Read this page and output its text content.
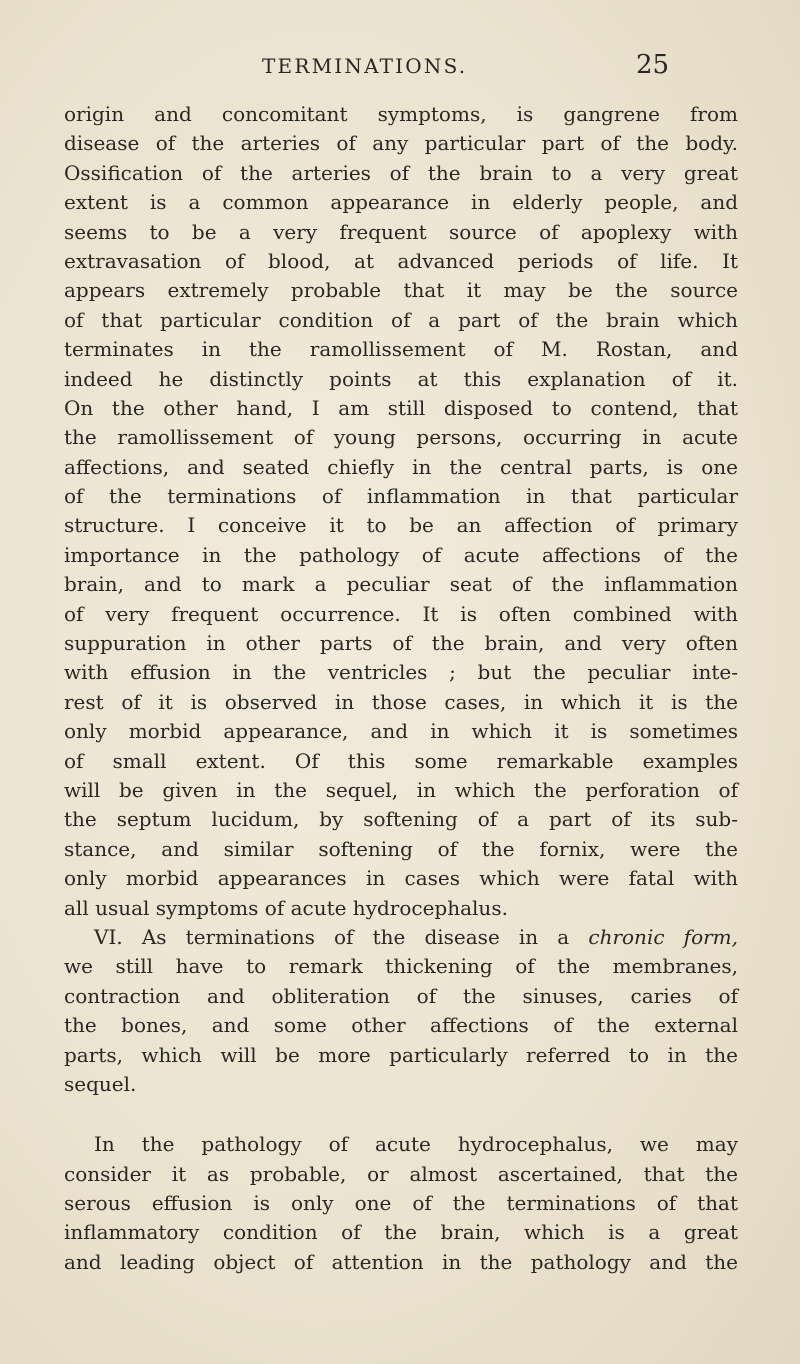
TERMINATIONS.	25

origin and concomitant symptoms, is gangrene from
disease of the arteries of any particular part of the body.
Ossification of the arteries of the brain to a very great
extent is a common appearance in elderly people, and
seems to be a very frequent source of apoplexy with
extravasation of blood, at advanced periods of life. It
appears extremely probable that it may be the source
of that particular condition of a part of the brain which
terminates in the ramollissement of M. Rostan, and
indeed he distinctly points at this explanation of it.
On the other hand, I am still disposed to contend, that
the ramollissement of young persons, occurring in acute
affections, and seated chiefly in the central parts, is one
of the terminations of inflammation in that particular
structure. I conceive it to be an affection of primary
importance in the pathology of acute affections of the
brain, and to mark a peculiar seat of the inflammation
of very frequent occurrence. It is often combined with
suppuration in other parts of the brain, and very often
with effusion in the ventricles ; but the peculiar inte-
rest of it is observed in those cases, in which it is the
only morbid appearance, and in which it is sometimes
of small extent. Of this some remarkable examples
will be given in the sequel, in which the perforation of
the septum lucidum, by softening of a part of its sub-
stance, and similar softening of the fornix, were the
only morbid appearances in cases which were fatal with
all usual symptoms of acute hydrocephalus.

VI. As terminations of the disease in a chronic form,
we still have to remark thickening of the membranes,
contraction and obliteration of the sinuses, caries of
the bones, and some other affections of the external
parts, which will be more particularly referred to in the
sequel.

In the pathology of acute hydrocephalus, we may
consider it as probable, or almost ascertained, that the
serous effusion is only one of the terminations of that
inflammatory condition of the brain, which is a great
and leading object of attention in the pathology and the
